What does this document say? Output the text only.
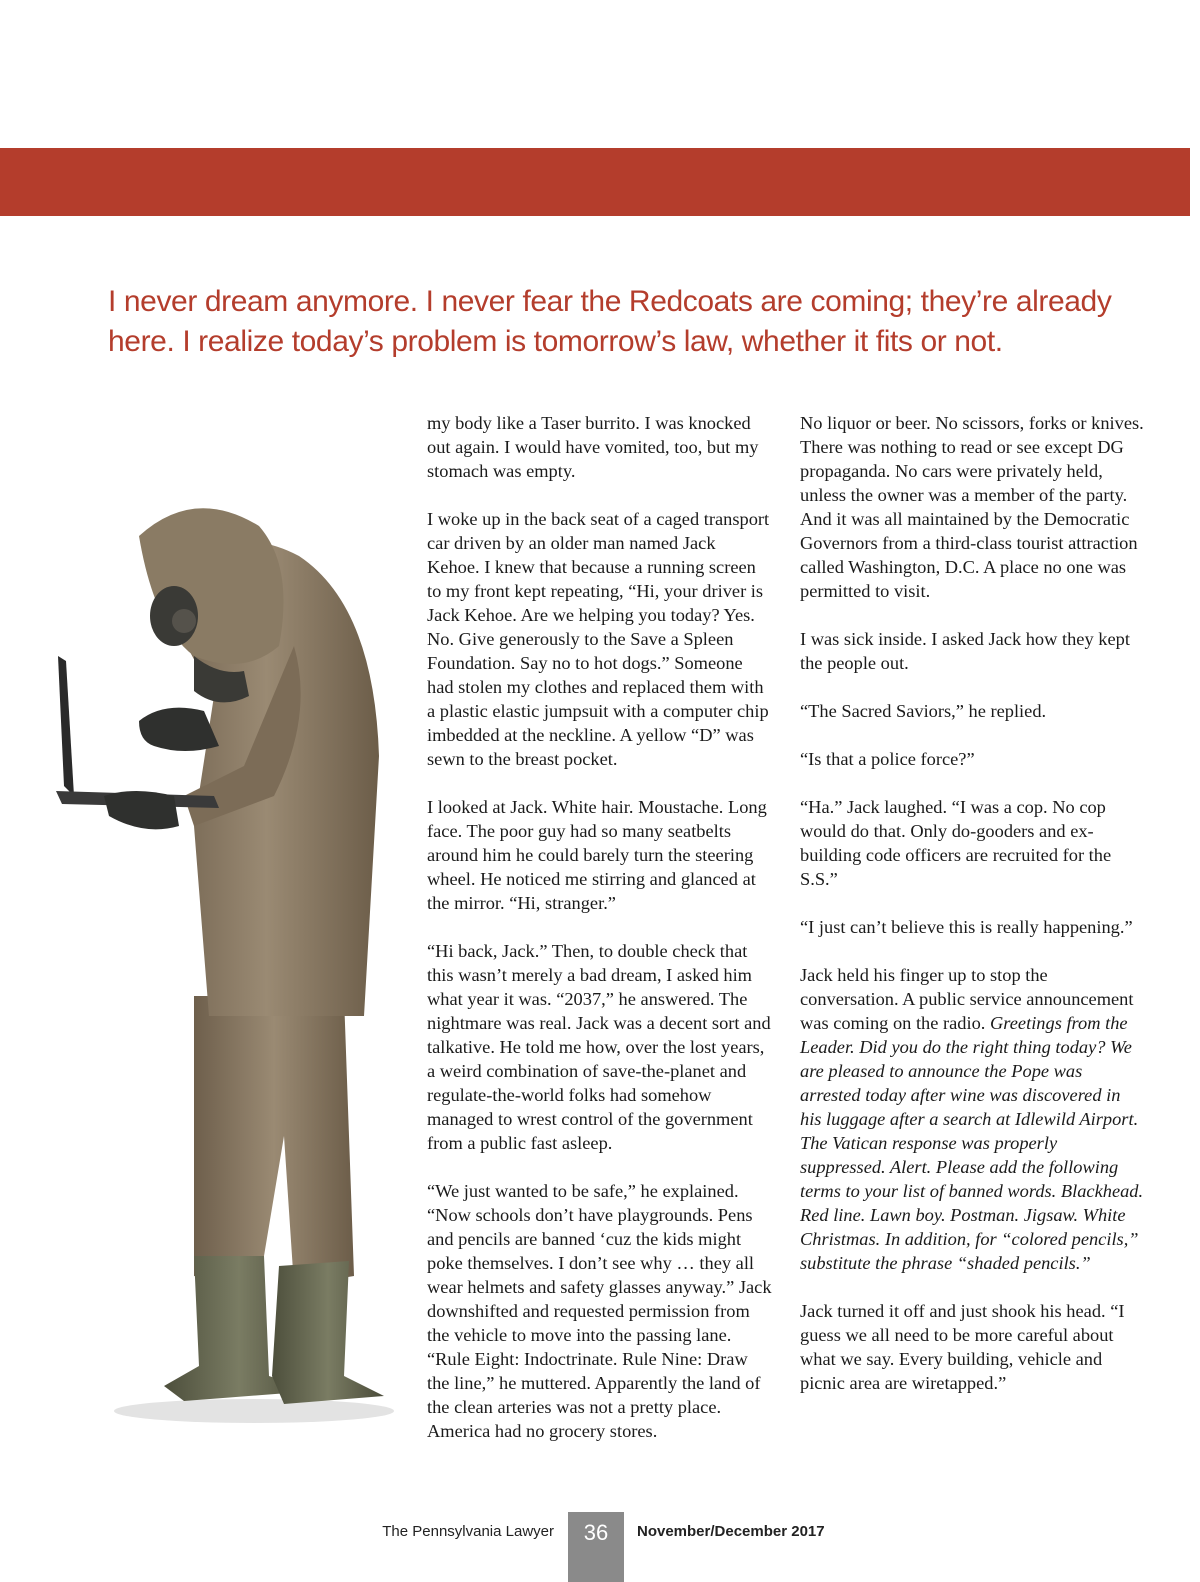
I never dream anymore. I never fear the Redcoats are coming; they’re already here. I realize today’s problem is tomorrow’s law, whether it fits or not.

my body like a Taser burrito. I was knocked out again. I would have vomited, too, but my stomach was empty.

I woke up in the back seat of a caged transport car driven by an older man named Jack Kehoe. I knew that because a running screen to my front kept repeating, “Hi, your driver is Jack Kehoe. Are we helping you today? Yes. No. Give generously to the Save a Spleen Foundation. Say no to hot dogs.” Someone had stolen my clothes and replaced them with a plastic elastic jumpsuit with a computer chip imbedded at the neckline. A yellow “D” was sewn to the breast pocket.

I looked at Jack. White hair. Moustache. Long face. The poor guy had so many seatbelts around him he could barely turn the steering wheel. He noticed me stirring and glanced at the mirror. “Hi, stranger.”

“Hi back, Jack.” Then, to double check that this wasn’t merely a bad dream, I asked him what year it was. “2037,” he answered. The nightmare was real. Jack was a decent sort and talkative. He told me how, over the lost years, a weird combination of save-the-planet and regulate-the-world folks had somehow managed to wrest control of the government from a public fast asleep.

“We just wanted to be safe,” he explained. “Now schools don’t have playgrounds. Pens and pencils are banned ‘cuz the kids might poke themselves. I don’t see why … they all wear helmets and safety glasses anyway.” Jack downshifted and requested permission from the vehicle to move into the passing lane. “Rule Eight: Indoctrinate. Rule Nine: Draw the line,” he muttered. Apparently the land of the clean arteries was not a pretty place. America had no grocery stores.

No liquor or beer. No scissors, forks or knives. There was nothing to read or see except DG propaganda. No cars were privately held, unless the owner was a member of the party. And it was all maintained by the Democratic Governors from a third-class tourist attraction called Washington, D.C. A place no one was permitted to visit.

I was sick inside. I asked Jack how they kept the people out.

“The Sacred Saviors,” he replied.

“Is that a police force?”

“Ha.” Jack laughed. “I was a cop. No cop would do that. Only do-gooders and ex-building code officers are recruited for the S.S.”

“I just can’t believe this is really happening.”

Jack held his finger up to stop the conversation. A public service announcement was coming on the radio. Greetings from the Leader. Did you do the right thing today? We are pleased to announce the Pope was arrested today after wine was discovered in his luggage after a search at Idlewild Airport. The Vatican response was properly suppressed. Alert. Please add the following terms to your list of banned words. Blackhead. Red line. Lawn boy. Postman. Jigsaw. White Christmas. In addition, for “colored pencils,” substitute the phrase “shaded pencils.”

Jack turned it off and just shook his head. “I guess we all need to be more careful about what we say. Every building, vehicle and picnic area are wiretapped.”

The Pennsylvania Lawyer	36	November/December 2017
